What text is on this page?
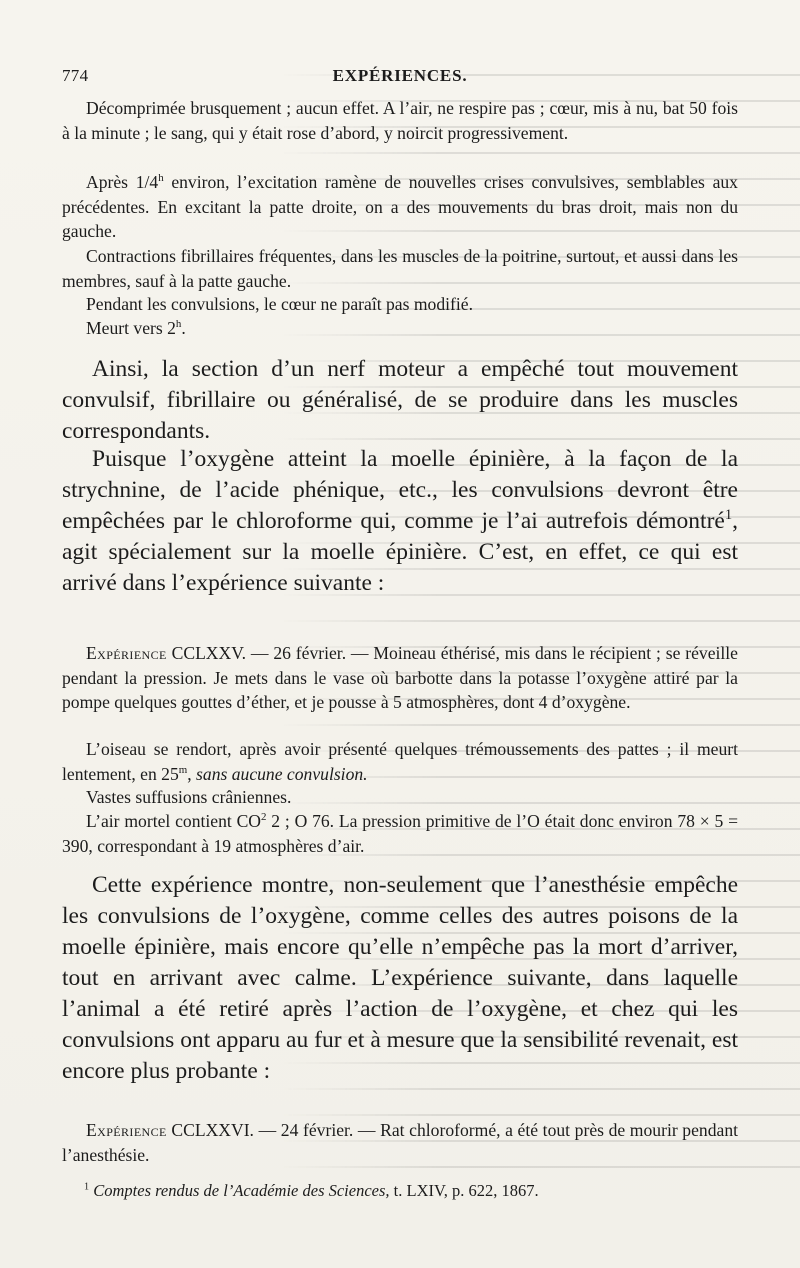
774	EXPÉRIENCES.

Décomprimée brusquement ; aucun effet. A l’air, ne respire pas ; cœur, mis à nu, bat 50 fois à la minute ; le sang, qui y était rose d’abord, y noircit progressivement.

Après 1/4$^h$ environ, l’excitation ramène de nouvelles crises convulsives, semblables aux précédentes. En excitant la patte droite, on a des mouvements du bras droit, mais non du gauche.

Contractions fibrillaires fréquentes, dans les muscles de la poitrine, surtout, et aussi dans les membres, sauf à la patte gauche.

Pendant les convulsions, le cœur ne paraît pas modifié.

Meurt vers 2$^h$.

Ainsi, la section d’un nerf moteur a empêché tout mouvement convulsif, fibrillaire ou généralisé, de se produire dans les muscles correspondants.

Puisque l’oxygène atteint la moelle épinière, à la façon de la strychnine, de l’acide phénique, etc., les convulsions devront être empêchées par le chloroforme qui, comme je l’ai autrefois démontré$^1$, agit spécialement sur la moelle épinière. C’est, en effet, ce qui est arrivé dans l’expérience suivante :

Expérience CCLXXV. — 26 février. — Moineau éthérisé, mis dans le récipient ; se réveille pendant la pression. Je mets dans le vase où barbotte dans la potasse l’oxygène attiré par la pompe quelques gouttes d’éther, et je pousse à 5 atmosphères, dont 4 d’oxygène.

L’oiseau se rendort, après avoir présenté quelques trémoussements des pattes ; il meurt lentement, en 25$^m$, sans aucune convulsion.

Vastes suffusions crâniennes.

L’air mortel contient $CO^2$ 2 ; O 76. La pression primitive de l’O était donc environ 78 × 5 = 390, correspondant à 19 atmosphères d’air.

Cette expérience montre, non-seulement que l’anesthésie empêche les convulsions de l’oxygène, comme celles des autres poisons de la moelle épinière, mais encore qu’elle n’empêche pas la mort d’arriver, tout en arrivant avec calme. L’expérience suivante, dans laquelle l’animal a été retiré après l’action de l’oxygène, et chez qui les convulsions ont apparu au fur et à mesure que la sensibilité revenait, est encore plus probante :

Expérience CCLXXVI. — 24 février. — Rat chloroformé, a été tout près de mourir pendant l’anesthésie.

$^1$ Comptes rendus de l’Académie des Sciences, t. LXIV, p. 622, 1867.
